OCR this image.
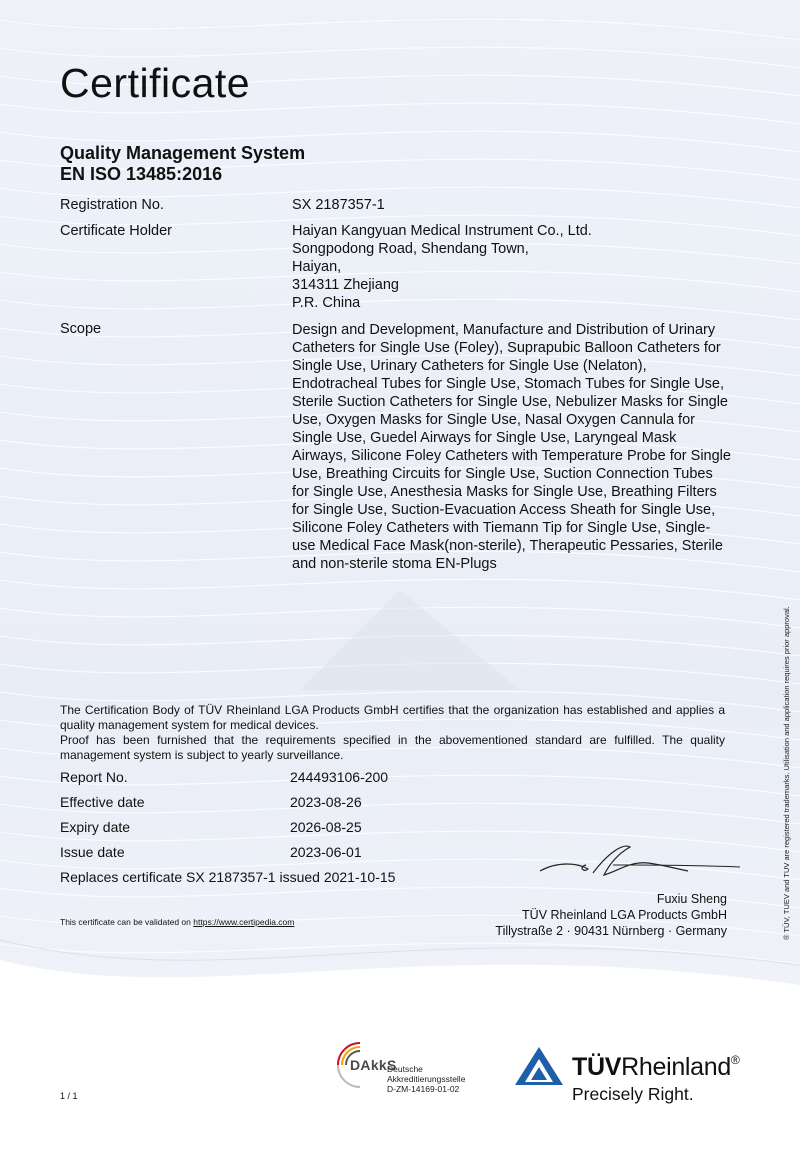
Certificate
Quality Management System
EN ISO 13485:2016
Registration No.	SX 2187357-1
Certificate Holder	Haiyan Kangyuan Medical Instrument Co., Ltd.
Songpodong Road, Shendang Town,
Haiyan,
314311 Zhejiang
P.R. China
Scope	Design and Development, Manufacture and Distribution of Urinary Catheters for Single Use (Foley), Suprapubic Balloon Catheters for Single Use, Urinary Catheters for Single Use (Nelaton), Endotracheal Tubes for Single Use, Stomach Tubes for Single Use, Sterile Suction Catheters for Single Use, Nebulizer Masks for Single Use, Oxygen Masks for Single Use, Nasal Oxygen Cannula for Single Use, Guedel Airways for Single Use, Laryngeal Mask Airways, Silicone Foley Catheters with Temperature Probe for Single Use, Breathing Circuits for Single Use, Suction Connection Tubes for Single Use, Anesthesia Masks for Single Use, Breathing Filters for Single Use, Suction-Evacuation Access Sheath for Single Use, Silicone Foley Catheters with Tiemann Tip for Single Use, Single-use Medical Face Mask(non-sterile), Therapeutic Pessaries, Sterile and non-sterile stoma EN-Plugs

The Certification Body of TÜV Rheinland LGA Products GmbH certifies that the organization has established and applies a quality management system for medical devices.

Proof has been furnished that the requirements specified in the abovementioned standard are fulfilled. The quality management system is subject to yearly surveillance.

Report No.	244493106-200
Effective date	2023-08-26
Expiry date	2026-08-25
Issue date	2023-06-01
Replaces certificate SX 2187357-1 issued 2021-10-15
Fuxiu Sheng
TÜV Rheinland LGA Products GmbH
Tillystraße 2 · 90431 Nürnberg · Germany
This certificate can be validated on https://www.certipedia.com	® TÜV, TUEV and TUV are registered trademarks. Utilisation and application requires prior approval.
1 / 1
DAkkS
Deutsche
Akkreditierungsstelle
D-ZM-14169-01-02
TÜVRheinland®
Precisely Right.
